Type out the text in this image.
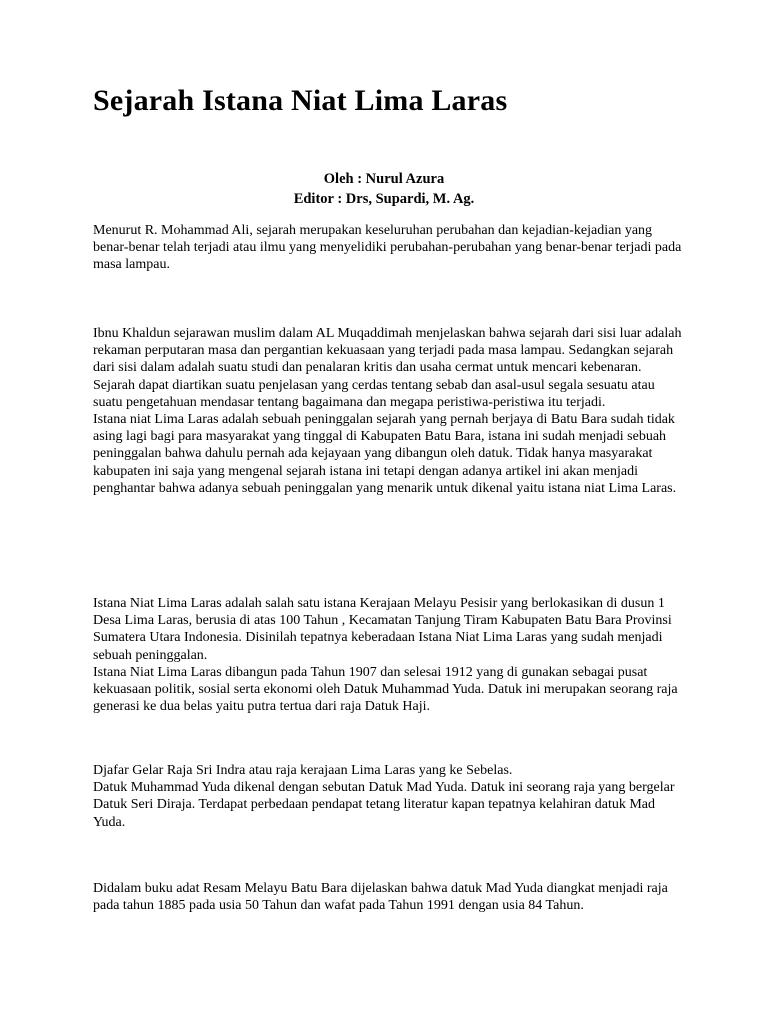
Sejarah Istana Niat Lima Laras
Oleh : Nurul Azura
Editor : Drs, Supardi, M. Ag.

Menurut R. Mohammad Ali, sejarah merupakan keseluruhan perubahan dan kejadian-kejadian yang benar-benar telah terjadi atau ilmu yang menyelidiki perubahan-perubahan yang benar-benar terjadi pada masa lampau.

Ibnu Khaldun sejarawan muslim dalam AL Muqaddimah menjelaskan bahwa sejarah dari sisi luar adalah rekaman perputaran masa dan pergantian kekuasaan yang terjadi pada masa lampau. Sedangkan sejarah dari sisi dalam adalah suatu studi dan penalaran kritis dan usaha cermat untuk mencari kebenaran.

Sejarah dapat diartikan suatu penjelasan yang cerdas tentang sebab dan asal-usul segala sesuatu atau suatu pengetahuan mendasar tentang bagaimana dan megapa peristiwa-peristiwa itu terjadi.

Istana niat Lima Laras adalah sebuah peninggalan sejarah yang pernah berjaya di Batu Bara sudah tidak asing lagi bagi para masyarakat yang tinggal di Kabupaten Batu Bara, istana ini sudah menjadi sebuah peninggalan bahwa dahulu pernah ada kejayaan yang dibangun oleh datuk. Tidak hanya masyarakat kabupaten ini saja yang mengenal sejarah istana ini tetapi dengan adanya artikel ini akan menjadi penghantar bahwa adanya sebuah peninggalan yang menarik untuk dikenal yaitu istana niat Lima Laras.

Istana Niat Lima Laras adalah salah satu istana Kerajaan Melayu Pesisir yang berlokasikan di dusun 1 Desa Lima Laras, berusia di atas 100 Tahun , Kecamatan Tanjung Tiram Kabupaten Batu Bara Provinsi Sumatera Utara Indonesia. Disinilah tepatnya keberadaan Istana Niat Lima Laras yang sudah menjadi sebuah peninggalan.

Istana Niat Lima Laras dibangun pada Tahun 1907 dan selesai 1912 yang di gunakan sebagai pusat kekuasaan politik, sosial serta ekonomi oleh Datuk Muhammad Yuda. Datuk ini merupakan seorang raja generasi ke dua belas yaitu putra tertua dari raja Datuk Haji.

Djafar Gelar Raja Sri Indra atau raja kerajaan Lima Laras yang ke Sebelas.

Datuk Muhammad Yuda dikenal dengan sebutan Datuk Mad Yuda. Datuk ini seorang raja yang bergelar Datuk Seri Diraja. Terdapat perbedaan pendapat tetang literatur kapan tepatnya kelahiran datuk Mad Yuda.

Didalam buku adat Resam Melayu Batu Bara dijelaskan bahwa datuk Mad Yuda diangkat menjadi raja pada tahun 1885 pada usia 50 Tahun dan wafat pada Tahun 1991 dengan usia 84 Tahun.
